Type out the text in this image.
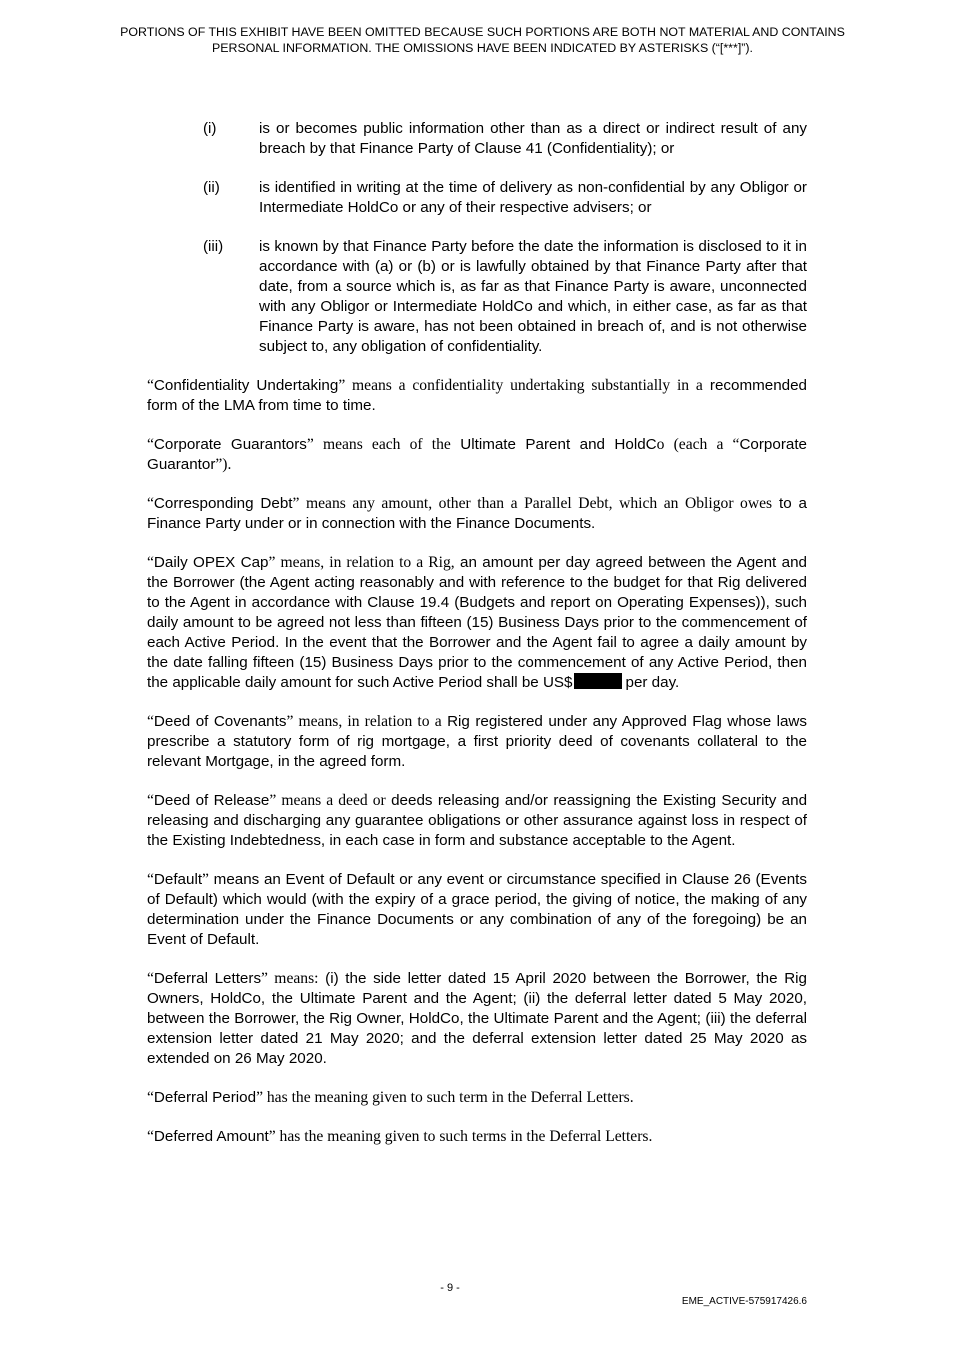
PORTIONS OF THIS EXHIBIT HAVE BEEN OMITTED BECAUSE SUCH PORTIONS ARE BOTH NOT MATERIAL AND CONTAINS PERSONAL INFORMATION. THE OMISSIONS HAVE BEEN INDICATED BY ASTERISKS (“[***]”).
(i)	is or becomes public information other than as a direct or indirect result of any breach by that Finance Party of Clause 41 (Confidentiality); or
(ii)	is identified in writing at the time of delivery as non-confidential by any Obligor or Intermediate HoldCo or any of their respective advisers; or
(iii) is known by that Finance Party before the date the information is disclosed to it in accordance with (a) or (b) or is lawfully obtained by that Finance Party after that date, from a source which is, as far as that Finance Party is aware, unconnected with any Obligor or Intermediate HoldCo and which, in either case, as far as that Finance Party is aware, has not been obtained in breach of, and is not otherwise subject to, any obligation of confidentiality.

“Confidentiality Undertaking” means a confidentiality undertaking substantially in a recommended form of the LMA from time to time.

“Corporate Guarantors” means each of the Ultimate Parent and HoldCo (each a “Corporate Guarantor”).

“Corresponding Debt” means any amount, other than a Parallel Debt, which an Obligor owes to a Finance Party under or in connection with the Finance Documents.

“Daily OPEX Cap” means, in relation to a Rig, an amount per day agreed between the Agent and the Borrower (the Agent acting reasonably and with reference to the budget for that Rig delivered to the Agent in accordance with Clause 19.4 (Budgets and report on Operating Expenses)), such daily amount to be agreed not less than fifteen (15) Business Days prior to the commencement of each Active Period. In the event that the Borrower and the Agent fail to agree a daily amount by the date falling fifteen (15) Business Days prior to the commencement of any Active Period, then the applicable daily amount for such Active Period shall be US$	per day.

“Deed of Covenants” means, in relation to a Rig registered under any Approved Flag whose laws prescribe a statutory form of rig mortgage, a first priority deed of covenants collateral to the relevant Mortgage, in the agreed form.

“Deed of Release” means a deed or deeds releasing and/or reassigning the Existing Security and releasing and discharging any guarantee obligations or other assurance against loss in respect of the Existing Indebtedness, in each case in form and substance acceptable to the Agent.

“Default” means an Event of Default or any event or circumstance specified in Clause 26 (Events of Default) which would (with the expiry of a grace period, the giving of notice, the making of any determination under the Finance Documents or any combination of any of the foregoing) be an Event of Default.

“Deferral Letters” means: (i) the side letter dated 15 April 2020 between the Borrower, the Rig Owners, HoldCo, the Ultimate Parent and the Agent; (ii) the deferral letter dated 5 May 2020, between the Borrower, the Rig Owner, HoldCo, the Ultimate Parent and the Agent; (iii) the deferral extension letter dated 21 May 2020; and the deferral extension letter dated 25 May 2020 as extended on 26 May 2020.

“Deferral Period” has the meaning given to such term in the Deferral Letters.

“Deferred Amount” has the meaning given to such terms in the Deferral Letters.

- 9 -
EME_ACTIVE-575917426.6
